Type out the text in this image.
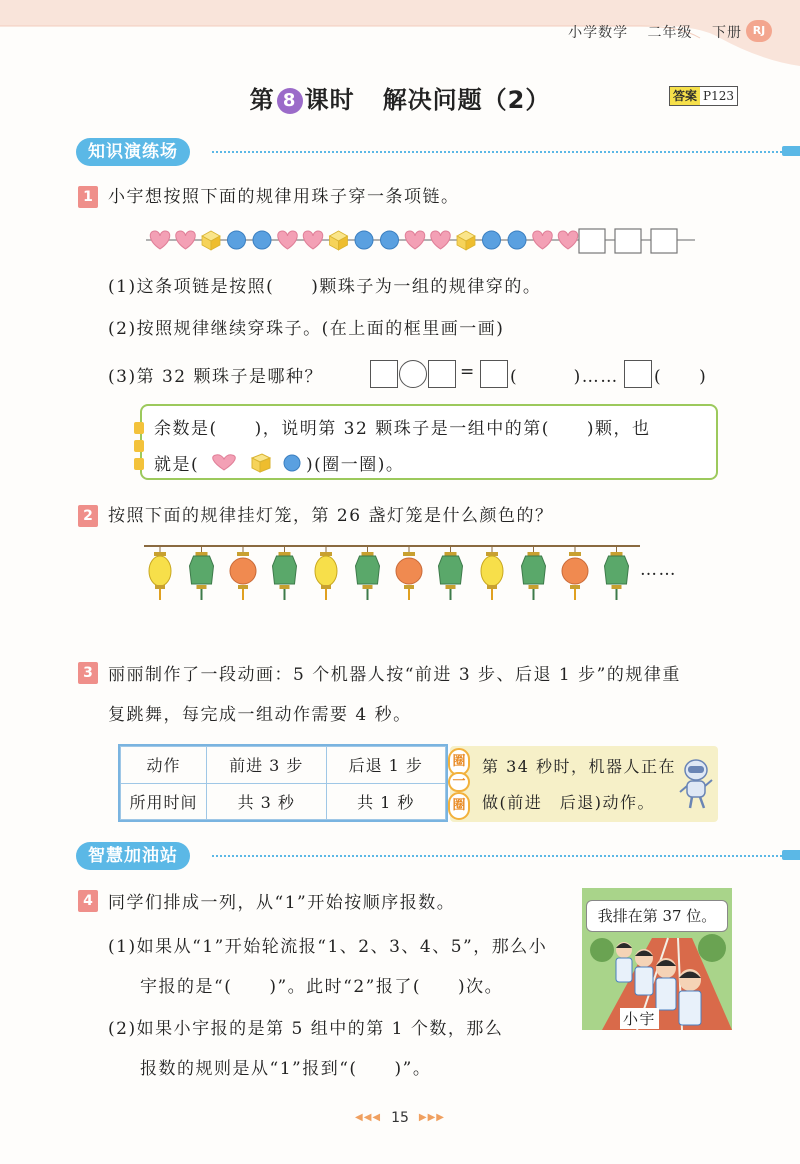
小学数学 二年级 下册 RJ
第 8 课时 解决问题（2）	答案 P123
知识演练场
1 小宇想按照下面的规律用珠子穿一条项链。
(1)这条项链是按照(　　)颗珠子为一组的规律穿的。
(2)按照规律继续穿珠子。(在上面的框里画一画)
(3)第 32 颗珠子是哪种？	= (　　　)…… (　　)
余数是(　　)，说明第 32 颗珠子是一组中的第(　　)颗，也
就是(	)(圈一圈)。
2 按照下面的规律挂灯笼，第 26 盏灯笼是什么颜色的？
……
3 丽丽制作了一段动画：5 个机器人按“前进 3 步、后退 1 步”的规律重
复跳舞，每完成一组动作需要 4 秒。
动作	前进 3 步	后退 1 步
所用时间	共 3 秒	共 1 秒
圈
一
圈
第 34 秒时，机器人正在
做(前进　后退)动作。
智慧加油站
4 同学们排成一列，从“1”开始按顺序报数。
(1)如果从“1”开始轮流报“1、2、3、4、5”，那么小
宇报的是“(　　)”。此时“2”报了(　　)次。
(2)如果小宇报的是第 5 组中的第 1 个数，那么
报数的规则是从“1”报到“(　　)”。
我排在第 37 位。
小宇
◀◀◀ 15 ▶▶▶
